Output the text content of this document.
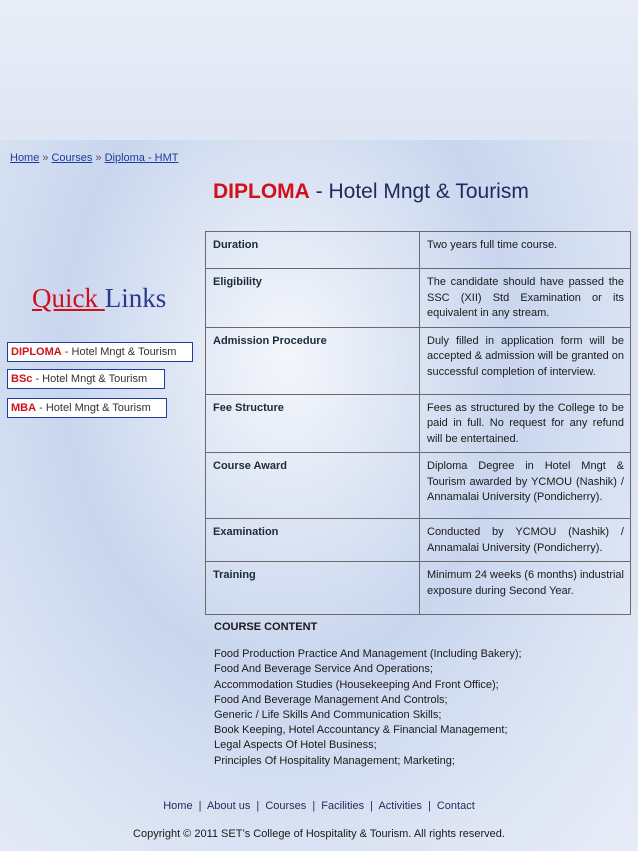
Home » Courses » Diploma - HMT
DIPLOMA - Hotel Mngt & Tourism
Quick Links
DIPLOMA - Hotel Mngt & Tourism
BSc - Hotel Mngt & Tourism
MBA - Hotel Mngt & Tourism
Duration	Two years full time course.
Eligibility	The candidate should have passed the SSC (XII) Std Examination or its equivalent in any stream.
Admission Procedure	Duly filled in application form will be accepted & admission will be granted on successful completion of interview.
Fee Structure	Fees as structured by the College to be paid in full. No request for any refund will be entertained.
Course Award	Diploma Degree in Hotel Mngt & Tourism awarded by YCMOU (Nashik) / Annamalai University (Pondicherry).
Examination	Conducted by YCMOU (Nashik) / Annamalai University (Pondicherry).
Training	Minimum 24 weeks (6 months) industrial exposure during Second Year.
COURSE CONTENT
Food Production Practice And Management (Including Bakery);
Food And Beverage Service And Operations;
Accommodation Studies (Housekeeping And Front Office);
Food And Beverage Management And Controls;
Generic / Life Skills And Communication Skills;
Book Keeping, Hotel Accountancy & Financial Management;
Legal Aspects Of Hotel Business;
Principles Of Hospitality Management; Marketing;
Home | About us | Courses | Facilities | Activities | Contact
Copyright © 2011 SET’s College of Hospitality & Tourism. All rights reserved.
